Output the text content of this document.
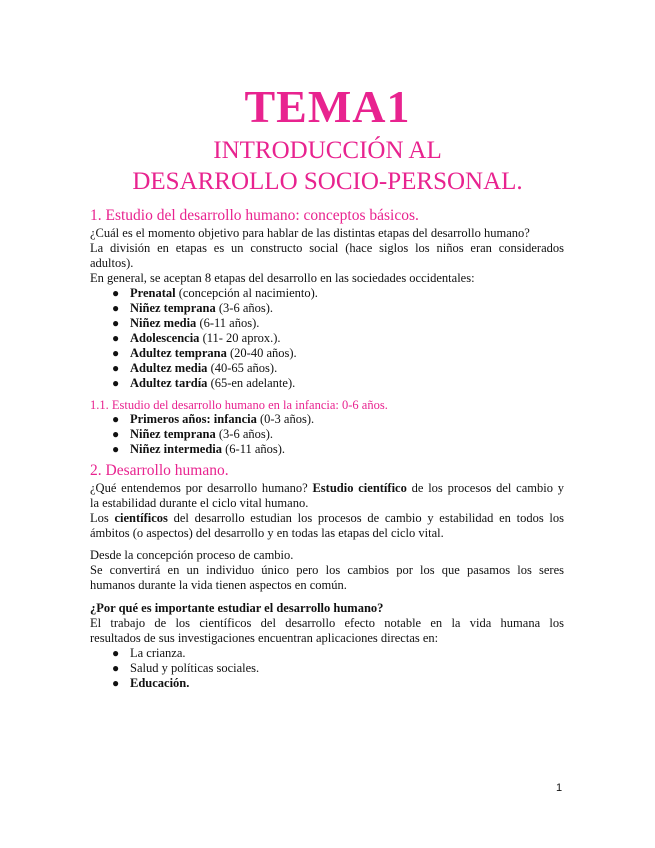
TEMA1

INTRODUCCIÓN AL

DESARROLLO SOCIO-PERSONAL.

1. Estudio del desarrollo humano: conceptos básicos.

¿Cuál es el momento objetivo para hablar de las distintas etapas del desarrollo humano?

La división en etapas es un constructo social (hace siglos los niños eran considerados

adultos).

En general, se aceptan 8 etapas del desarrollo en las sociedades occidentales:

● Prenatal (concepción al nacimiento).

● Niñez temprana (3-6 años).

● Niñez media (6-11 años).

● Adolescencia (11- 20 aprox.).

● Adultez temprana (20-40 años).

● Adultez media (40-65 años).

● Adultez tardía (65-en adelante).

1.1. Estudio del desarrollo humano en la infancia: 0-6 años.

● Primeros años: infancia (0-3 años).

● Niñez temprana (3-6 años).

● Niñez intermedia (6-11 años).

2. Desarrollo humano.

¿Qué entendemos por desarrollo humano? Estudio científico de los procesos del cambio y

la estabilidad durante el ciclo vital humano.

Los científicos del desarrollo estudian los procesos de cambio y estabilidad en todos los

ámbitos (o aspectos) del desarrollo y en todas las etapas del ciclo vital.

Desde la concepción proceso de cambio.

Se convertirá en un individuo único pero los cambios por los que pasamos los seres

humanos durante la vida tienen aspectos en común.

¿Por qué es importante estudiar el desarrollo humano?

El trabajo de los científicos del desarrollo efecto notable en la vida humana los

resultados de sus investigaciones encuentran aplicaciones directas en:

● La crianza.

● Salud y políticas sociales.

● Educación.

1
